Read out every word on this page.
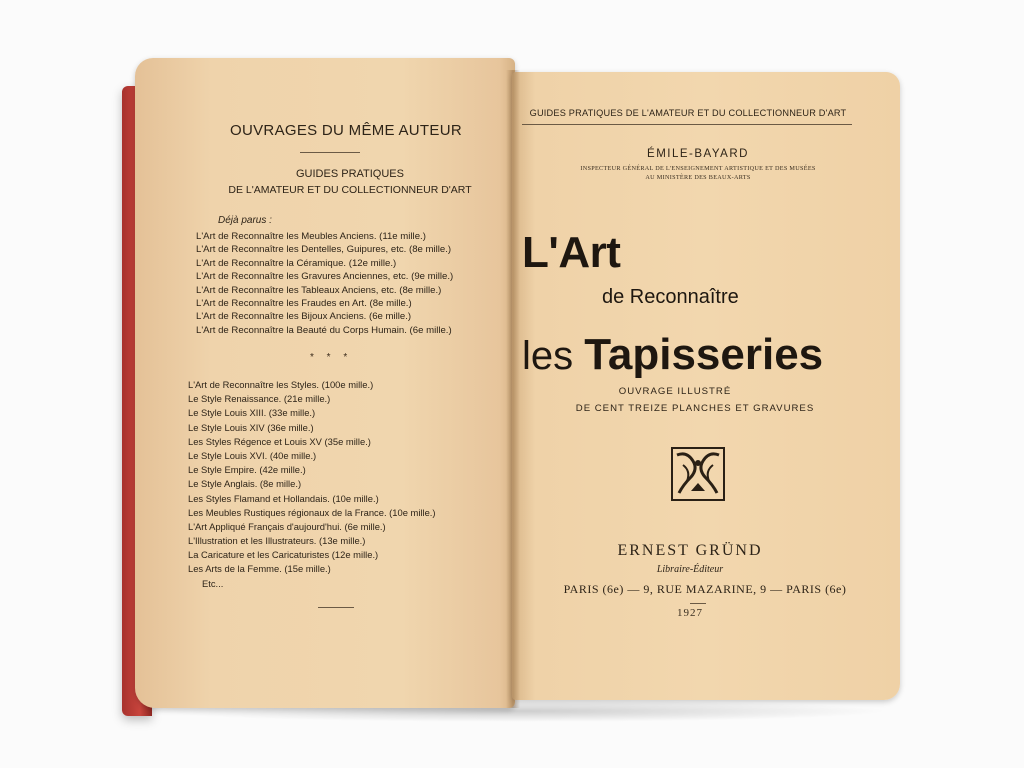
OUVRAGES DU MÊME AUTEUR
GUIDES PRATIQUES
DE L'AMATEUR ET DU COLLECTIONNEUR D'ART
Déjà parus :
L'Art de Reconnaître les Meubles Anciens. (11e mille.)
L'Art de Reconnaître les Dentelles, Guipures, etc. (8e mille.)
L'Art de Reconnaître la Céramique. (12e mille.)
L'Art de Reconnaître les Gravures Anciennes, etc. (9e mille.)
L'Art de Reconnaître les Tableaux Anciens, etc. (8e mille.)
L'Art de Reconnaître les Fraudes en Art. (8e mille.)
L'Art de Reconnaître les Bijoux Anciens. (6e mille.)
L'Art de Reconnaître la Beauté du Corps Humain. (6e mille.)
* * *
L'Art de Reconnaître les Styles. (100e mille.)
Le Style Renaissance. (21e mille.)
Le Style Louis XIII. (33e mille.)
Le Style Louis XIV (36e mille.)
Les Styles Régence et Louis XV (35e mille.)
Le Style Louis XVI. (40e mille.)
Le Style Empire. (42e mille.)
Le Style Anglais. (8e mille.)
Les Styles Flamand et Hollandais. (10e mille.)
Les Meubles Rustiques régionaux de la France. (10e mille.)
L'Art Appliqué Français d'aujourd'hui. (6e mille.)
L'Illustration et les Illustrateurs. (13e mille.)
La Caricature et les Caricaturistes (12e mille.)
Les Arts de la Femme. (15e mille.)
Etc...
GUIDES PRATIQUES DE L'AMATEUR ET DU COLLECTIONNEUR D'ART
ÉMILE-BAYARD
INSPECTEUR GÉNÉRAL DE L'ENSEIGNEMENT ARTISTIQUE ET DES MUSÉES
AU MINISTÈRE DES BEAUX-ARTS
L'Art
de Reconnaître
les Tapisseries
OUVRAGE ILLUSTRÉ
DE CENT TREIZE PLANCHES ET GRAVURES
ERNEST GRÜND
Libraire-Éditeur
PARIS (6e) — 9, RUE MAZARINE, 9 — PARIS (6e)
1927
